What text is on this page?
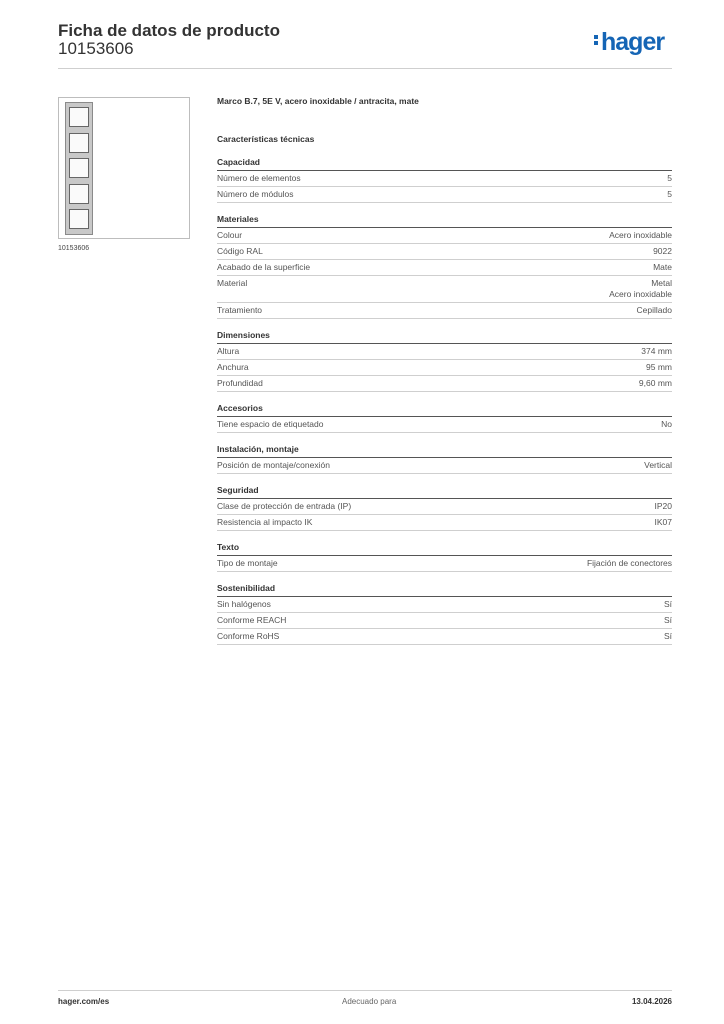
Ficha de datos de producto
10153606	hager
10153606
Marco B.7, 5E V, acero inoxidable / antracita, mate
Características técnicas
Capacidad
Número de elementos	5
Número de módulos	5
Materiales
Colour	Acero inoxidable
Código RAL	9022
Acabado de la superficie	Mate
Material	Metal
Acero inoxidable
Tratamiento	Cepillado
Dimensiones
Altura	374 mm
Anchura	95 mm
Profundidad	9,60 mm
Accesorios
Tiene espacio de etiquetado	No
Instalación, montaje
Posición de montaje/conexión	Vertical
Seguridad
Clase de protección de entrada (IP)	IP20
Resistencia al impacto IK	IK07
Texto
Tipo de montaje	Fijación de conectores
Sostenibilidad
Sin halógenos	Sí
Conforme REACH	Sí
Conforme RoHS	Sí
hager.com/es	Adecuado para	13.04.2026
